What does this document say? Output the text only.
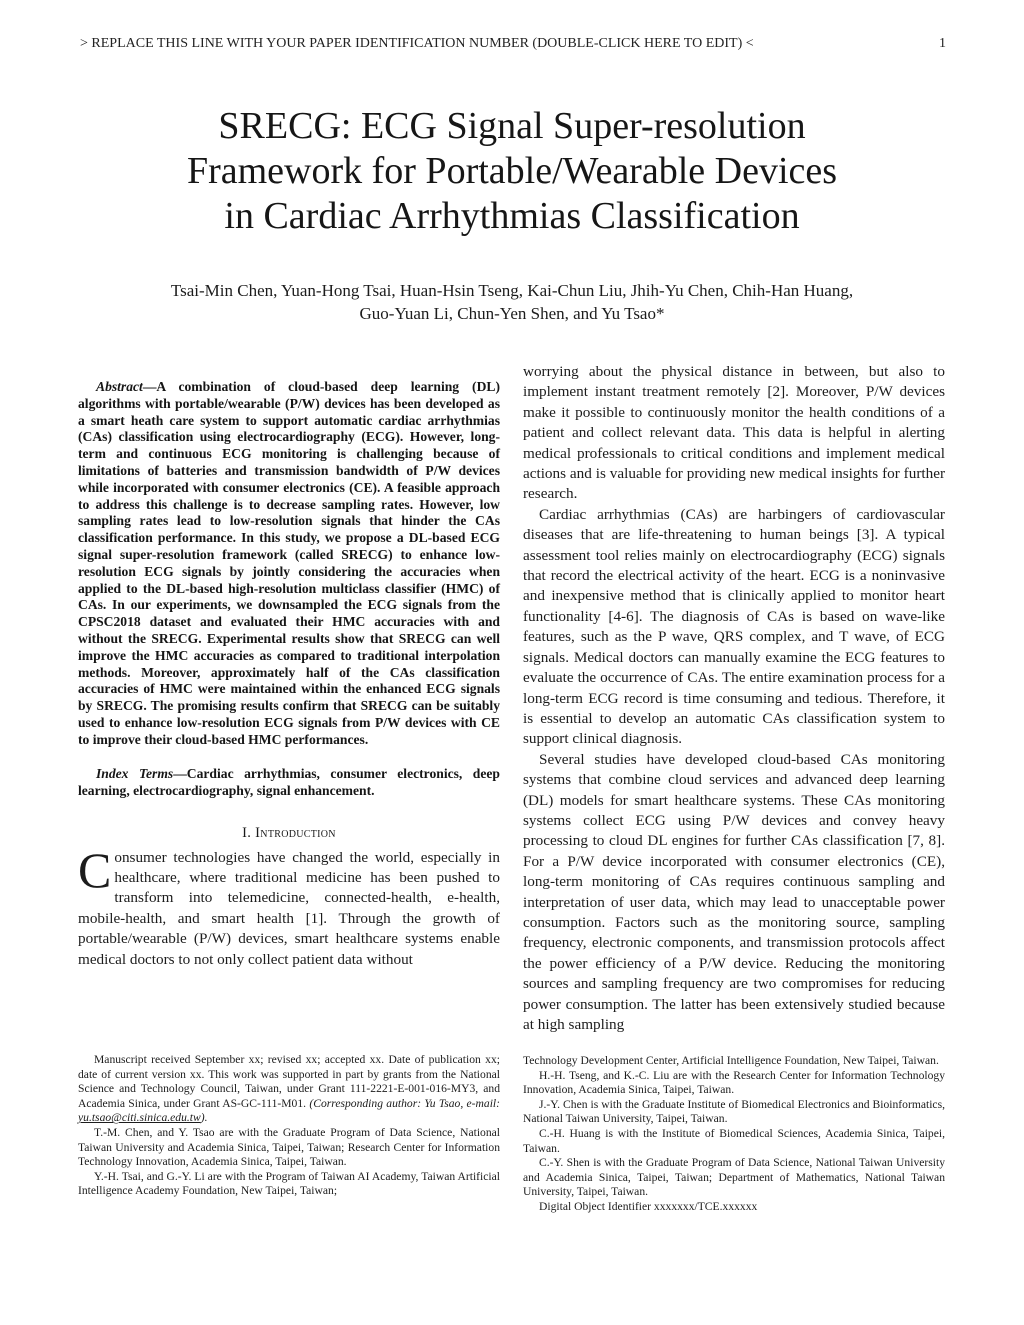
> REPLACE THIS LINE WITH YOUR PAPER IDENTIFICATION NUMBER (DOUBLE-CLICK HERE TO EDIT) <	1
SRECG: ECG Signal Super-resolution
Framework for Portable/Wearable Devices
in Cardiac Arrhythmias Classification
Tsai-Min Chen, Yuan-Hong Tsai, Huan-Hsin Tseng, Kai-Chun Liu, Jhih-Yu Chen, Chih-Han Huang,
Guo-Yuan Li, Chun-Yen Shen, and Yu Tsao*

Abstract—A combination of cloud-based deep learning (DL) algorithms with portable/wearable (P/W) devices has been developed as a smart heath care system to support automatic cardiac arrhythmias (CAs) classification using electrocardiography (ECG). However, long-term and continuous ECG monitoring is challenging because of limitations of batteries and transmission bandwidth of P/W devices while incorporated with consumer electronics (CE). A feasible approach to address this challenge is to decrease sampling rates. However, low sampling rates lead to low-resolution signals that hinder the CAs classification performance. In this study, we propose a DL-based ECG signal super-resolution framework (called SRECG) to enhance low-resolution ECG signals by jointly considering the accuracies when applied to the DL-based high-resolution multiclass classifier (HMC) of CAs. In our experiments, we downsampled the ECG signals from the CPSC2018 dataset and evaluated their HMC accuracies with and without the SRECG. Experimental results show that SRECG can well improve the HMC accuracies as compared to traditional interpolation methods. Moreover, approximately half of the CAs classification accuracies of HMC were maintained within the enhanced ECG signals by SRECG. The promising results confirm that SRECG can be suitably used to enhance low-resolution ECG signals from P/W devices with CE to improve their cloud-based HMC performances.

Index Terms—Cardiac arrhythmias, consumer electronics, deep learning, electrocardiography, signal enhancement.

I. Introduction

Consumer technologies have changed the world, especially in healthcare, where traditional medicine has been pushed to transform into telemedicine, connected-health, e-health, mobile-health, and smart health [1]. Through the growth of portable/wearable (P/W) devices, smart healthcare systems enable medical doctors to not only collect patient data without

worrying about the physical distance in between, but also to implement instant treatment remotely [2]. Moreover, P/W devices make it possible to continuously monitor the health conditions of a patient and collect relevant data. This data is helpful in alerting medical professionals to critical conditions and implement medical actions and is valuable for providing new medical insights for further research.

Cardiac arrhythmias (CAs) are harbingers of cardiovascular diseases that are life-threatening to human beings [3]. A typical assessment tool relies mainly on electrocardiography (ECG) signals that record the electrical activity of the heart. ECG is a noninvasive and inexpensive method that is clinically applied to monitor heart functionality [4-6]. The diagnosis of CAs is based on wave-like features, such as the P wave, QRS complex, and T wave, of ECG signals. Medical doctors can manually examine the ECG features to evaluate the occurrence of CAs. The entire examination process for a long-term ECG record is time consuming and tedious. Therefore, it is essential to develop an automatic CAs classification system to support clinical diagnosis.

Several studies have developed cloud-based CAs monitoring systems that combine cloud services and advanced deep learning (DL) models for smart healthcare systems. These CAs monitoring systems collect ECG using P/W devices and convey heavy processing to cloud DL engines for further CAs classification [7, 8]. For a P/W device incorporated with consumer electronics (CE), long-term monitoring of CAs requires continuous sampling and interpretation of user data, which may lead to unacceptable power consumption. Factors such as the monitoring source, sampling frequency, electronic components, and transmission protocols affect the power efficiency of a P/W device. Reducing the monitoring sources and sampling frequency are two compromises for reducing power consumption. The latter has been extensively studied because at high sampling

Manuscript received September xx; revised xx; accepted xx. Date of publication xx; date of current version xx. This work was supported in part by grants from the National Science and Technology Council, Taiwan, under Grant 111-2221-E-001-016-MY3, and Academia Sinica, under Grant AS-GC-111-M01. (Corresponding author: Yu Tsao, e-mail: yu.tsao@citi.sinica.edu.tw).

T.-M. Chen, and Y. Tsao are with the Graduate Program of Data Science, National Taiwan University and Academia Sinica, Taipei, Taiwan; Research Center for Information Technology Innovation, Academia Sinica, Taipei, Taiwan.

Y.-H. Tsai, and G.-Y. Li are with the Program of Taiwan AI Academy, Taiwan Artificial Intelligence Academy Foundation, New Taipei, Taiwan;

Technology Development Center, Artificial Intelligence Foundation, New Taipei, Taiwan.

H.-H. Tseng, and K.-C. Liu are with the Research Center for Information Technology Innovation, Academia Sinica, Taipei, Taiwan.

J.-Y. Chen is with the Graduate Institute of Biomedical Electronics and Bioinformatics, National Taiwan University, Taipei, Taiwan.

C.-H. Huang is with the Institute of Biomedical Sciences, Academia Sinica, Taipei, Taiwan.

C.-Y. Shen is with the Graduate Program of Data Science, National Taiwan University and Academia Sinica, Taipei, Taiwan; Department of Mathematics, National Taiwan University, Taipei, Taiwan.

Digital Object Identifier xxxxxxx/TCE.xxxxxx
